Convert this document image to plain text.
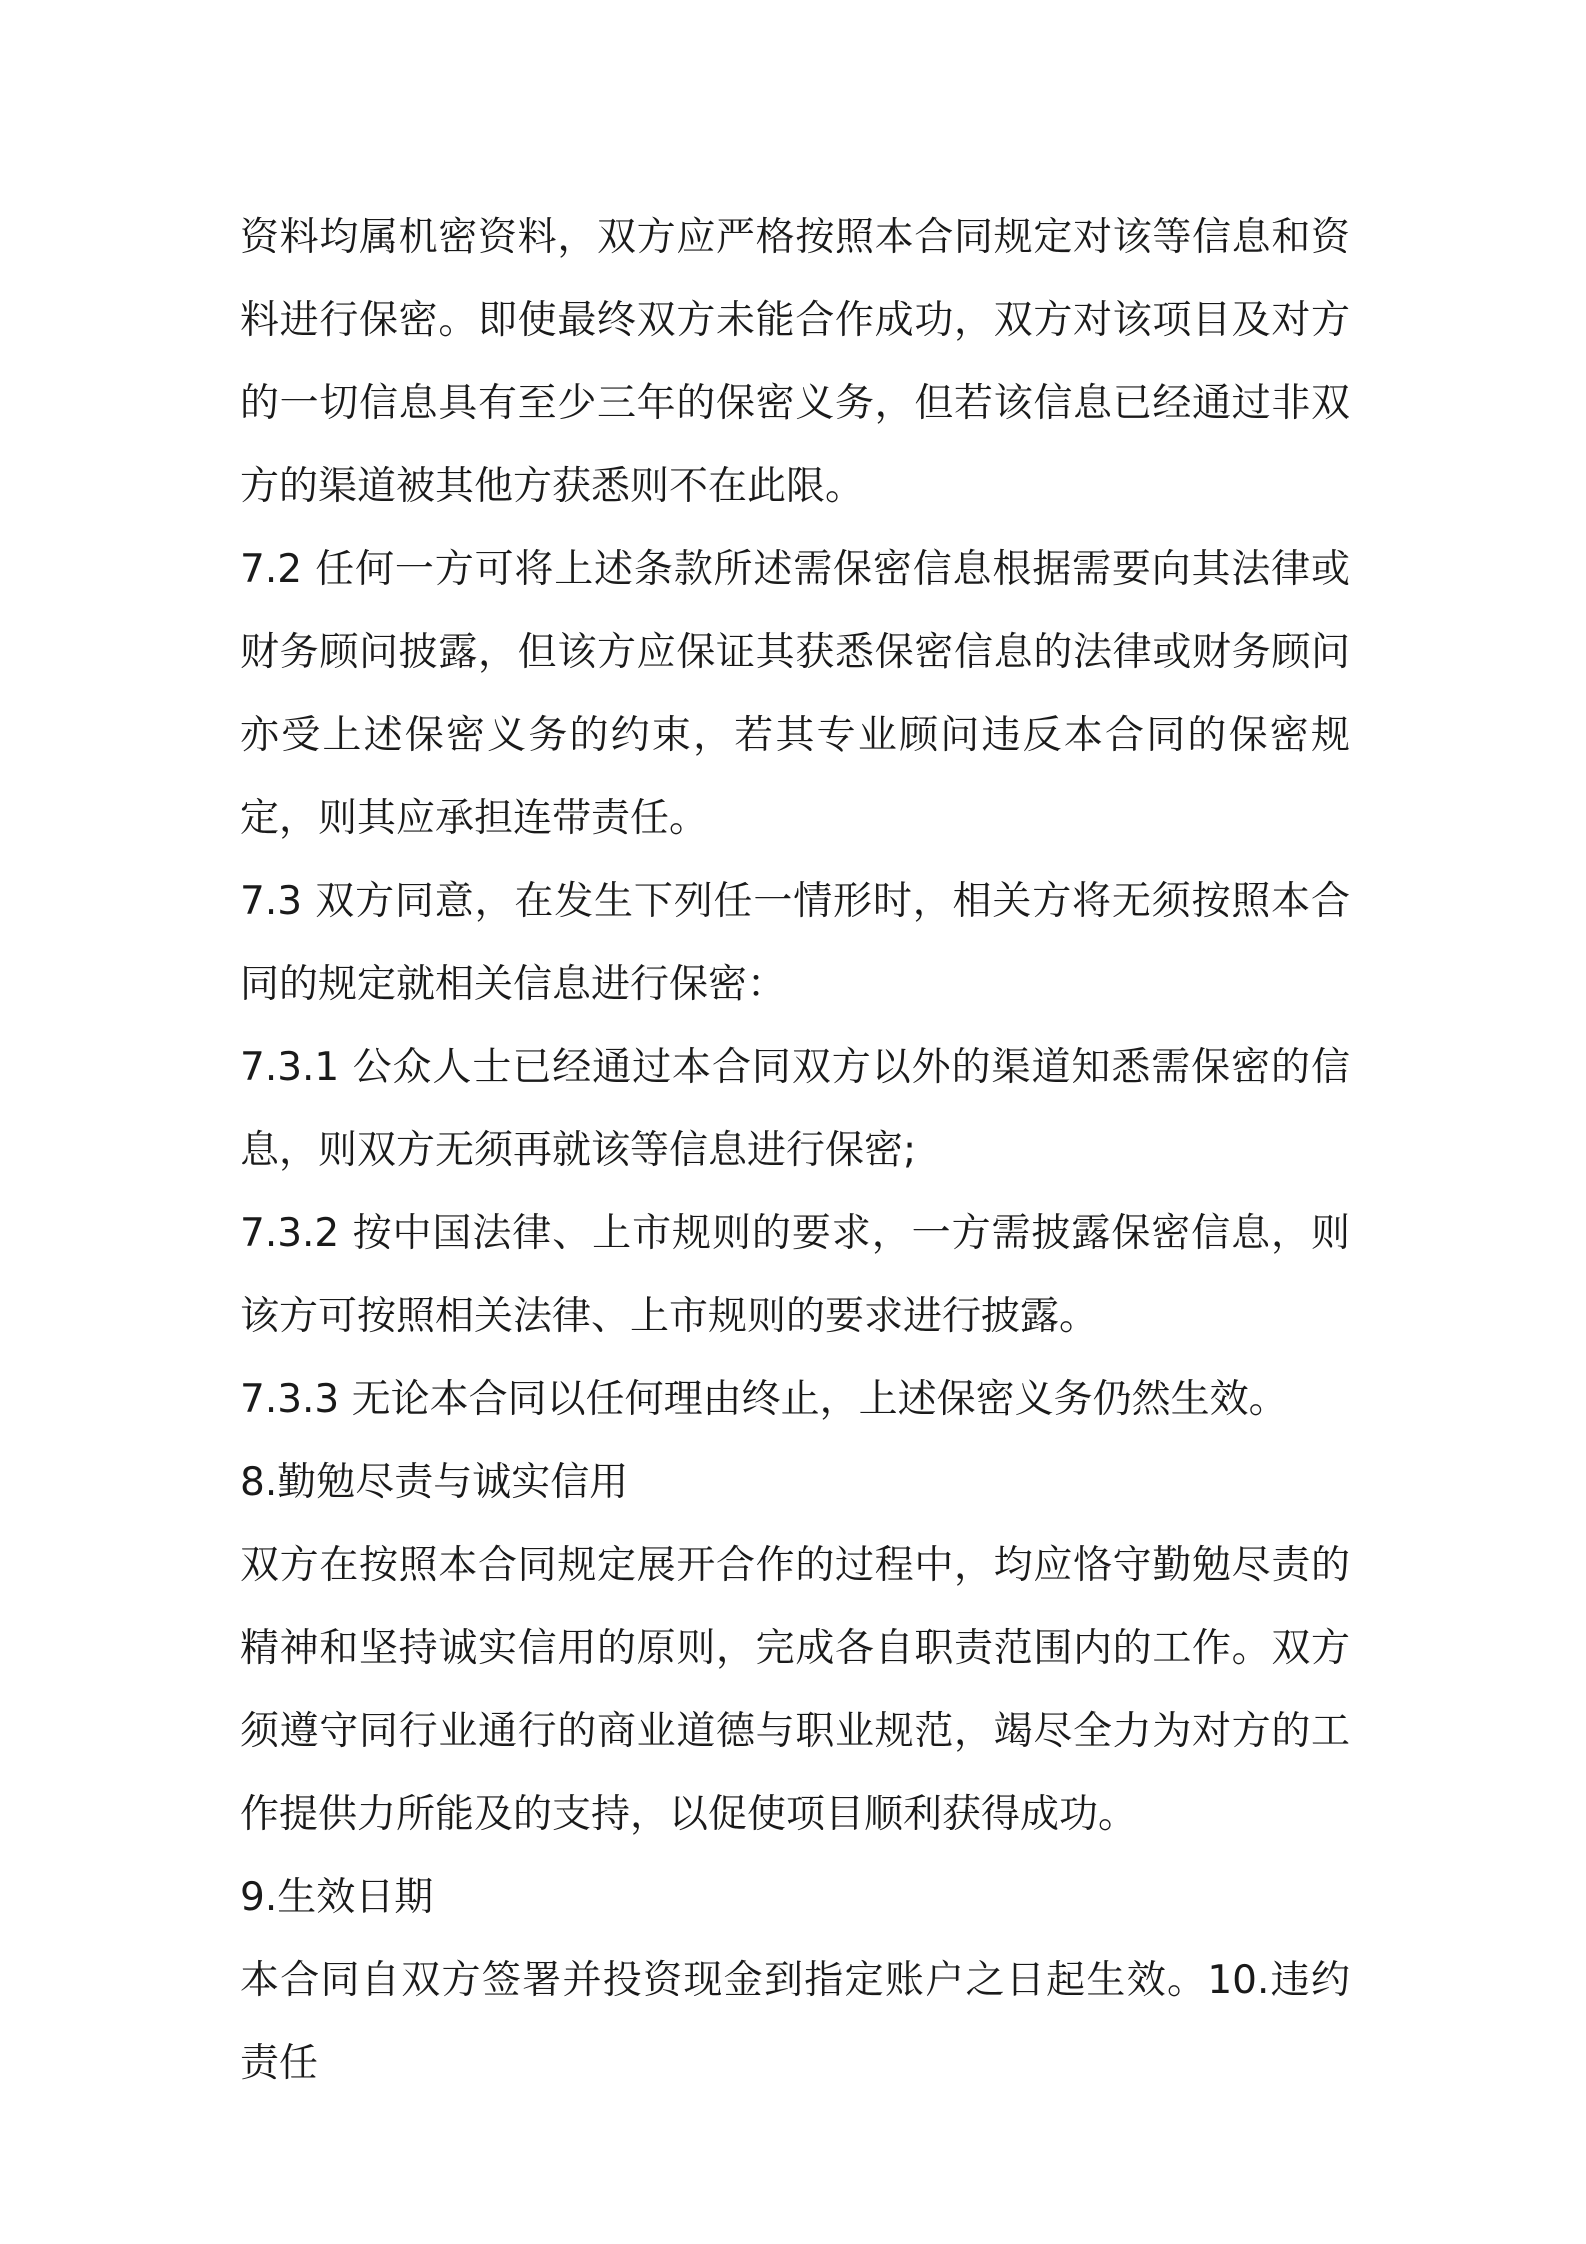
资料均属机密资料，双方应严格按照本合同规定对该等信息和资料进行保密。即使最终双方未能合作成功，双方对该项目及对方的一切信息具有至少三年的保密义务，但若该信息已经通过非双方的渠道被其他方获悉则不在此限。

7.2 任何一方可将上述条款所述需保密信息根据需要向其法律或财务顾问披露，但该方应保证其获悉保密信息的法律或财务顾问亦受上述保密义务的约束，若其专业顾问违反本合同的保密规定，则其应承担连带责任。

7.3 双方同意，在发生下列任一情形时，相关方将无须按照本合同的规定就相关信息进行保密：

7.3.1 公众人士已经通过本合同双方以外的渠道知悉需保密的信息，则双方无须再就该等信息进行保密;

7.3.2 按中国法律、上市规则的要求，一方需披露保密信息，则该方可按照相关法律、上市规则的要求进行披露。

7.3.3 无论本合同以任何理由终止，上述保密义务仍然生效。

8.勤勉尽责与诚实信用

双方在按照本合同规定展开合作的过程中，均应恪守勤勉尽责的精神和坚持诚实信用的原则，完成各自职责范围内的工作。双方须遵守同行业通行的商业道德与职业规范，竭尽全力为对方的工作提供力所能及的支持，以促使项目顺利获得成功。

9.生效日期

本合同自双方签署并投资现金到指定账户之日起生效。10.违约责任
